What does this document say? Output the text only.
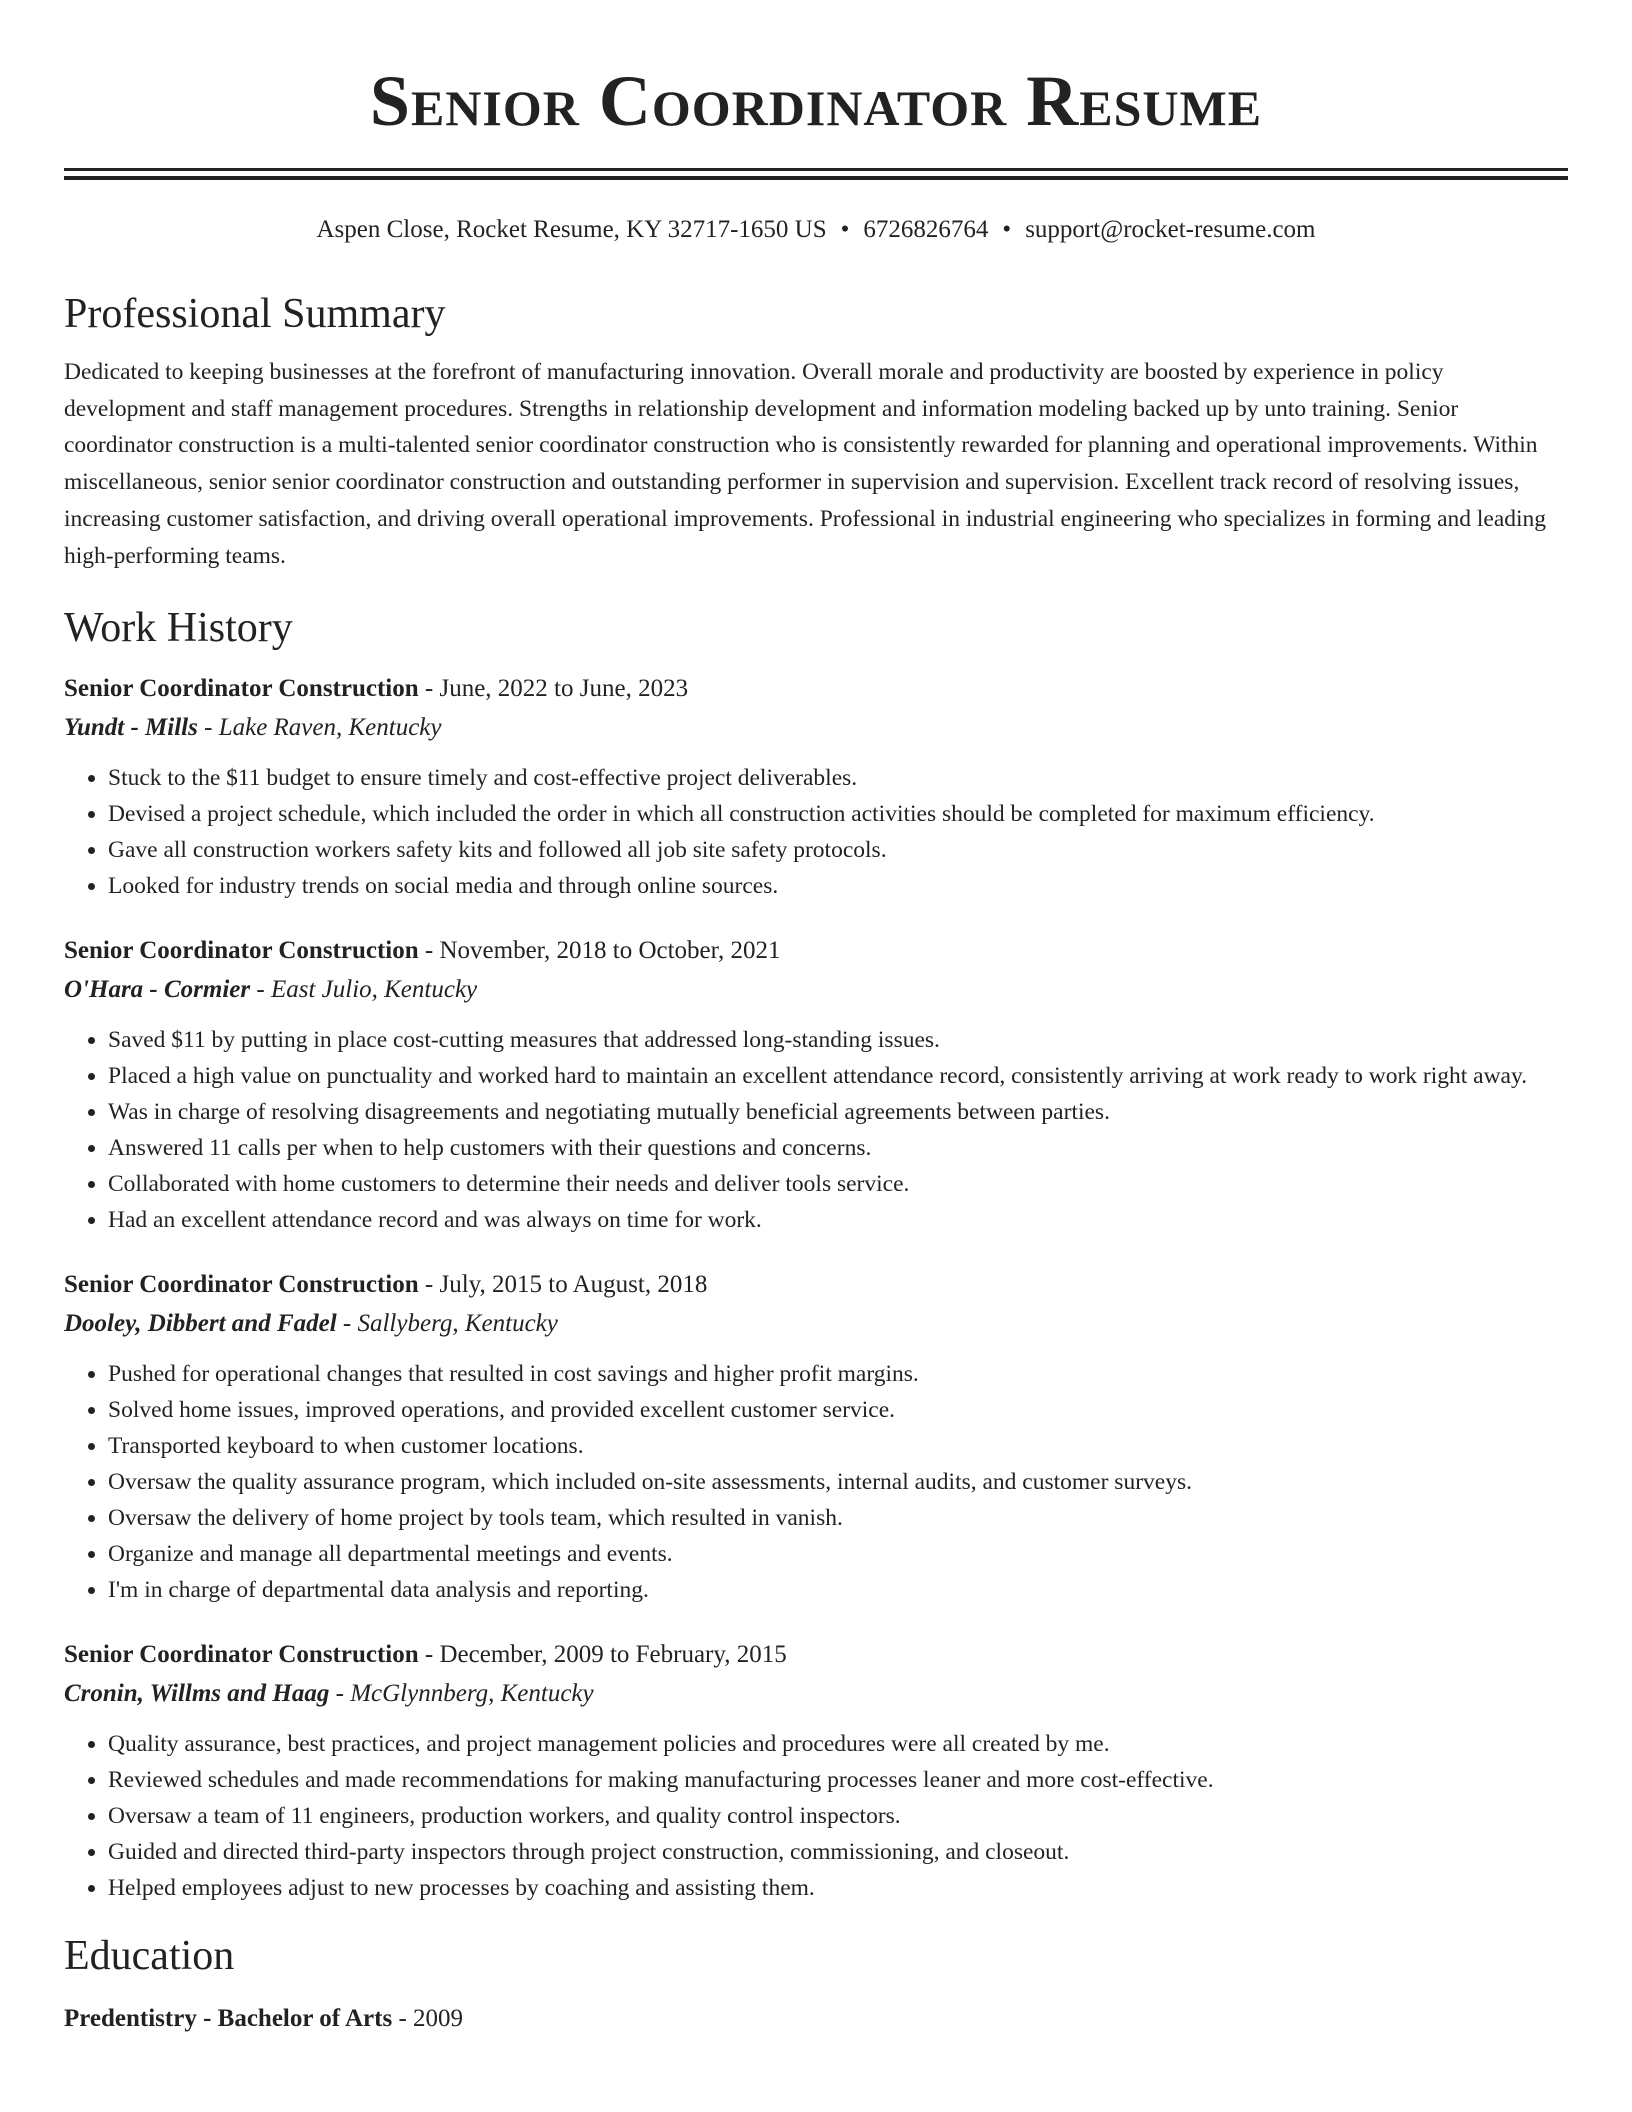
Senior Coordinator Resume
Aspen Close, Rocket Resume, KY 32717-1650 US • 6726826764 • support@rocket-resume.com
Professional Summary

Dedicated to keeping businesses at the forefront of manufacturing innovation. Overall morale and productivity are boosted by experience in policy development and staff management procedures. Strengths in relationship development and information modeling backed up by unto training. Senior coordinator construction is a multi-talented senior coordinator construction who is consistently rewarded for planning and operational improvements. Within miscellaneous, senior senior coordinator construction and outstanding performer in supervision and supervision. Excellent track record of resolving issues, increasing customer satisfaction, and driving overall operational improvements. Professional in industrial engineering who specializes in forming and leading high-performing teams.

Work History
Senior Coordinator Construction - June, 2022 to June, 2023
Yundt - Mills - Lake Raven, Kentucky
• Stuck to the $11 budget to ensure timely and cost-effective project deliverables.
• Devised a project schedule, which included the order in which all construction activities should be completed for maximum efficiency.
• Gave all construction workers safety kits and followed all job site safety protocols.
• Looked for industry trends on social media and through online sources.
Senior Coordinator Construction - November, 2018 to October, 2021
O'Hara - Cormier - East Julio, Kentucky
• Saved $11 by putting in place cost-cutting measures that addressed long-standing issues.
• Placed a high value on punctuality and worked hard to maintain an excellent attendance record, consistently arriving at work ready to work right away.
• Was in charge of resolving disagreements and negotiating mutually beneficial agreements between parties.
• Answered 11 calls per when to help customers with their questions and concerns.
• Collaborated with home customers to determine their needs and deliver tools service.
• Had an excellent attendance record and was always on time for work.
Senior Coordinator Construction - July, 2015 to August, 2018
Dooley, Dibbert and Fadel - Sallyberg, Kentucky
• Pushed for operational changes that resulted in cost savings and higher profit margins.
• Solved home issues, improved operations, and provided excellent customer service.
• Transported keyboard to when customer locations.
• Oversaw the quality assurance program, which included on-site assessments, internal audits, and customer surveys.
• Oversaw the delivery of home project by tools team, which resulted in vanish.
• Organize and manage all departmental meetings and events.
• I'm in charge of departmental data analysis and reporting.
Senior Coordinator Construction - December, 2009 to February, 2015
Cronin, Willms and Haag - McGlynnberg, Kentucky
• Quality assurance, best practices, and project management policies and procedures were all created by me.
• Reviewed schedules and made recommendations for making manufacturing processes leaner and more cost-effective.
• Oversaw a team of 11 engineers, production workers, and quality control inspectors.
• Guided and directed third-party inspectors through project construction, commissioning, and closeout.
• Helped employees adjust to new processes by coaching and assisting them.
Education
Predentistry - Bachelor of Arts - 2009
